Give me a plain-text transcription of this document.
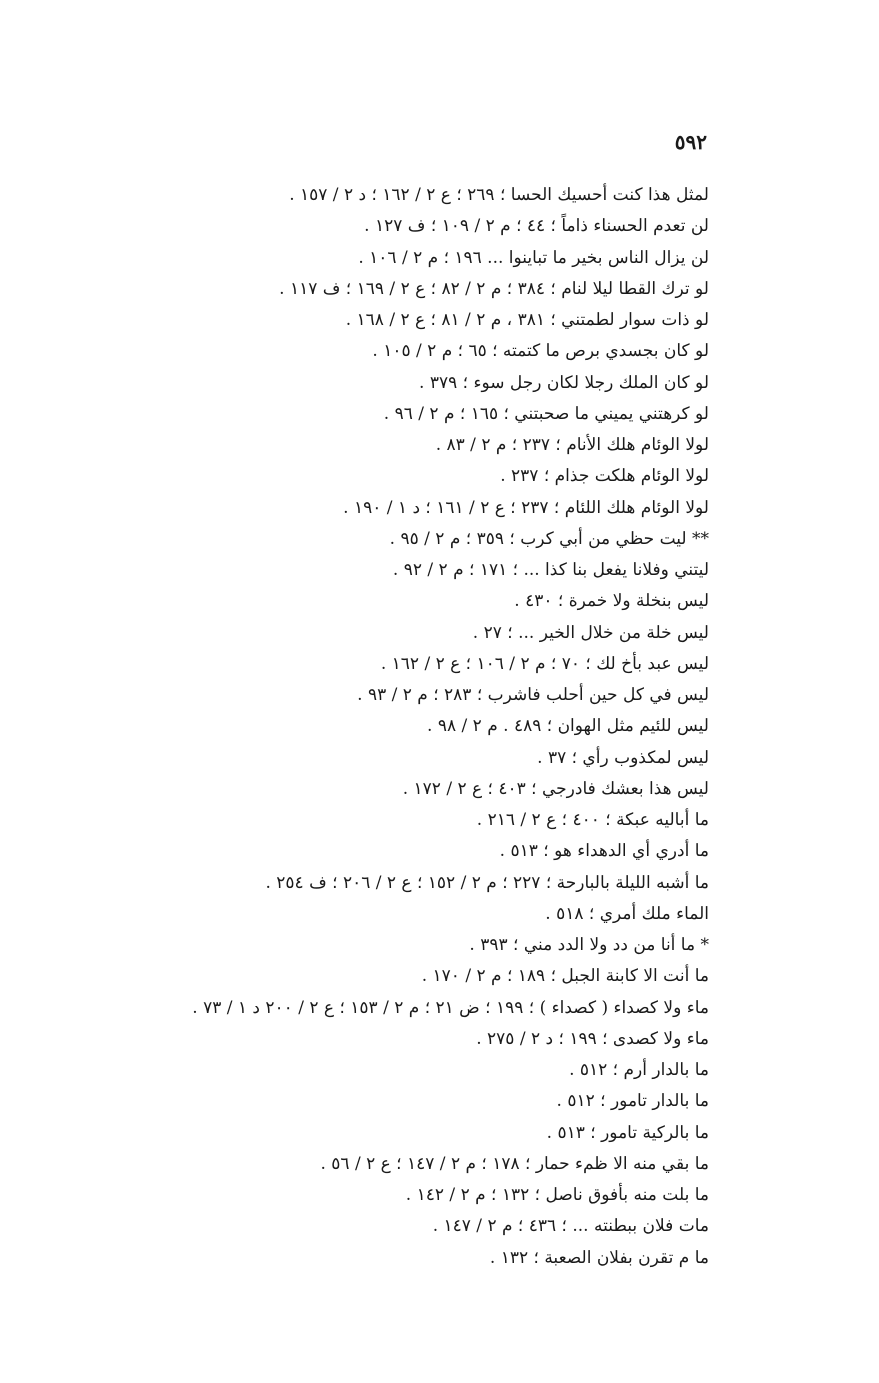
٥٩٢
لمثل هذا كنت أحسيك الحسا ؛ ٢٦٩ ؛ ع ٢ / ١٦٢ ؛ د ٢ / ١٥٧ .
لن تعدم الحسناء ذاماً ؛ ٤٤ ؛ م ٢ / ١٠٩ ؛ ف ١٢٧ .
لن يزال الناس بخير ما تباينوا ... ١٩٦ ؛ م ٢ / ١٠٦ .
لو ترك القطا ليلا لنام ؛ ٣٨٤ ؛ م ٢ / ٨٢ ؛ ع ٢ / ١٦٩ ؛ ف ١١٧ .
لو ذات سوار لطمتني ؛ ٣٨١ ، م ٢ / ٨١ ؛ ع ٢ / ١٦٨ .
لو كان بجسدي برص ما كتمته ؛ ٦٥ ؛ م ٢ / ١٠٥ .
لو كان الملك رجلا لكان رجل سوء ؛ ٣٧٩ .
لو كرهتني يميني ما صحبتني ؛ ١٦٥ ؛ م ٢ / ٩٦ .
لولا الوئام هلك الأنام ؛ ٢٣٧ ؛ م ٢ / ٨٣ .
لولا الوئام هلكت جذام ؛ ٢٣٧ .
لولا الوئام هلك اللئام ؛ ٢٣٧ ؛ ع ٢ / ١٦١ ؛ د ١ / ١٩٠ .
** ليت حظي من أبي كرب ؛ ٣٥٩ ؛ م ٢ / ٩٥ .
ليتني وفلانا يفعل بنا كذا ... ؛ ١٧١ ؛ م ٢ / ٩٢ .
ليس بنخلة ولا خمرة ؛ ٤٣٠ .
ليس خلة من خلال الخير ... ؛ ٢٧ .
ليس عبد بأخ لك ؛ ٧٠ ؛ م ٢ / ١٠٦ ؛ ع ٢ / ١٦٢ .
ليس في كل حين أحلب فاشرب ؛ ٢٨٣ ؛ م ٢ / ٩٣ .
ليس للئيم مثل الهوان ؛ ٤٨٩ . م ٢ / ٩٨ .
ليس لمكذوب رأي ؛ ٣٧ .
ليس هذا بعشك فادرجي ؛ ٤٠٣ ؛ ع ٢ / ١٧٢ .
ما أباليه عبكة ؛ ٤٠٠ ؛ ع ٢ / ٢١٦ .
ما أدري أي الدهداء هو ؛ ٥١٣ .
ما أشبه الليلة بالبارحة ؛ ٢٢٧ ؛ م ٢ / ١٥٢ ؛ ع ٢ / ٢٠٦ ؛ ف ٢٥٤ .
الماء ملك أمري ؛ ٥١٨ .
* ما أنا من دد ولا الدد مني ؛ ٣٩٣ .
ما أنت الا كابنة الجبل ؛ ١٨٩ ؛ م ٢ / ١٧٠ .
ماء ولا كصداء ( كصداء ) ؛ ١٩٩ ؛ ض ٢١ ؛ م ٢ / ١٥٣ ؛ ع ٢ / ٢٠٠ د ١ / ٧٣ .
ماء ولا كصدى ؛ ١٩٩ ؛ د ٢ / ٢٧٥ .
ما بالدار أرم ؛ ٥١٢ .
ما بالدار تامور ؛ ٥١٢ .
ما بالركية تامور ؛ ٥١٣ .
ما بقي منه الا ظمء حمار ؛ ١٧٨ ؛ م ٢ / ١٤٧ ؛ ع ٢ / ٥٦ .
ما بلت منه بأفوق ناصل ؛ ١٣٢ ؛ م ٢ / ١٤٢ .
مات فلان ببطنته ... ؛ ٤٣٦ ؛ م ٢ / ١٤٧ .
ما م تقرن بفلان الصعبة ؛ ١٣٢ .
